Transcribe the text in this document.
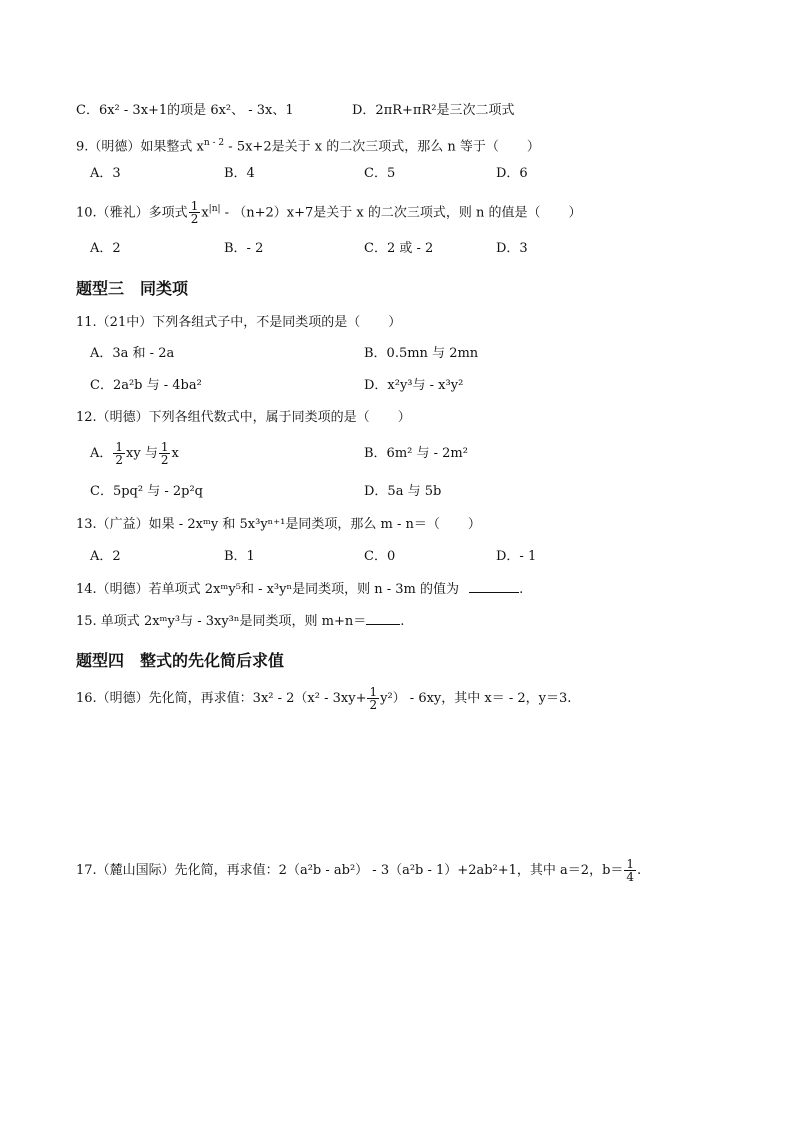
C．6x² - 3x+1的项是 6x²、 - 3x、1	D．2πR+πR²是三次二项式
9.（明德）如果整式 $x^{n - 2} - 5x+2$是关于 x 的二次三项式，那么 n 等于（ ）
A．3	B．4	C．5	D．6
10.（雅礼）多项式 $\frac{1}{2} x^{|n|} - (n+2)x+7$是关于 x 的二次三项式，则 n 的值是（ ）
A．2	B．- 2	C．2 或 - 2	D．3
题型三　同类项
11.（21中）下列各组式子中，不是同类项的是（ ）
A．3a 和 - 2a	B．0.5mn 与 2mn
C．2a²b 与 - 4ba²	D．x²y³与 - x³y²
12.（明德）下列各组代数式中，属于同类项的是（ ）
A． $\frac{1}{2}$ xy 与 $\frac{1}{2}$ x	B．6m² 与 - 2m²
C．5pq² 与 - 2p²q	D．5a 与 5b
13.（广益）如果 - 2xᵐy 和 5x³yⁿ⁺¹是同类项，那么 m - n＝（ ）
A．2	B．1	C．0	D．- 1
14.（明德）若单项式 2xᵐy⁵和 - x³yⁿ是同类项，则 n - 3m 的值为	.
15. 单项式 2xᵐy³与 - 3xy³ⁿ是同类项，则 m+n＝	.
题型四　整式的先化简后求值
16.（明德）先化简，再求值：$3x^2 - 2(x^2 - 3xy+ \frac{1}{2} y^2) - 6xy$，其中 x＝ - 2，y＝3.
17.（麓山国际）先化简，再求值：2（a²b - ab²） - 3（a²b - 1）+2ab²+1，其中 a＝2，$b= \frac{1}{4}$ .
